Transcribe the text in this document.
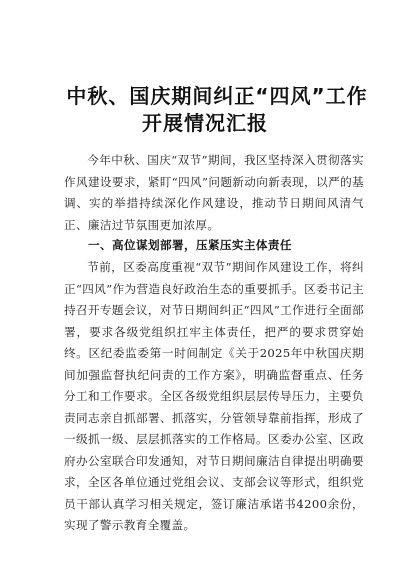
中秋、国庆期间纠正“四风”工作
开展情况汇报

今年中秋、国庆“双节”期间，我区坚持深入贯彻落实作风建设要求，紧盯“四风”问题新动向新表现，以严的基调、实的举措持续深化作风建设，推动节日期间风清气正、廉洁过节氛围更加浓厚。

一、高位谋划部署，压紧压实主体责任

节前，区委高度重视“双节”期间作风建设工作，将纠正“四风”作为营造良好政治生态的重要抓手。区委书记主持召开专题会议，对节日期间纠正“四风”工作进行全面部署，要求各级党组织扛牢主体责任，把严的要求贯穿始终。区纪委监委第一时间制定《关于2025年中秋国庆期间加强监督执纪问责的工作方案》，明确监督重点、任务分工和工作要求。全区各级党组织层层传导压力，主要负责同志亲自抓部署、抓落实，分管领导靠前指挥，形成了一级抓一级、层层抓落实的工作格局。区委办公室、区政府办公室联合印发通知，对节日期间廉洁自律提出明确要求，全区各单位通过党组会议、支部会议等形式，组织党员干部认真学习相关规定，签订廉洁承诺书4200余份，实现了警示教育全覆盖。
